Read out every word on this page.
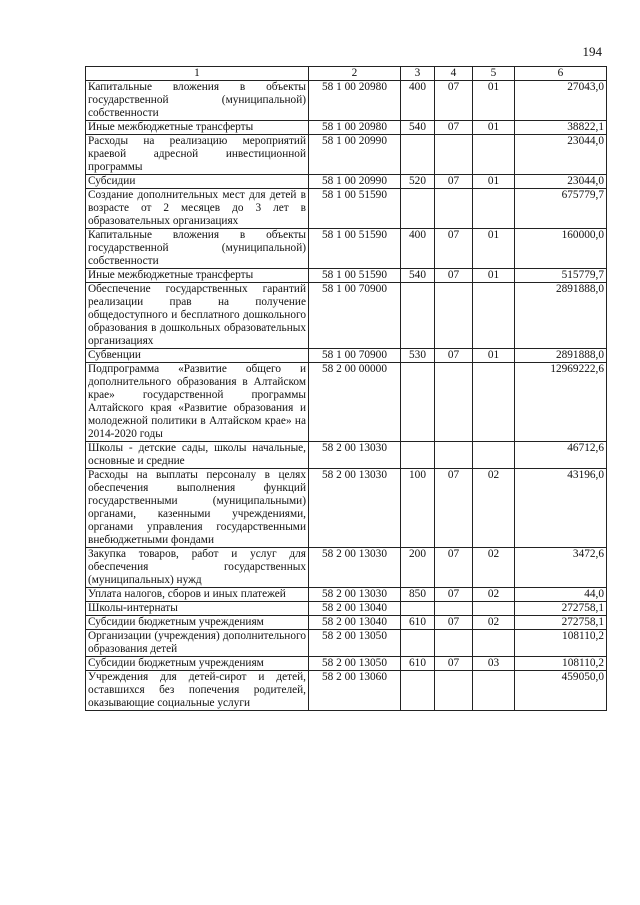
194
1	2	3	4	5	6
Капитальные вложения в объекты государственной (муниципальной) собственности	58 1 00 20980	400	07	01	27043,0
Иные межбюджетные трансферты	58 1 00 20980	540	07	01	38822,1
Расходы на реализацию мероприятий краевой адресной инвестиционной программы	58 1 00 20990				23044,0
Субсидии	58 1 00 20990	520	07	01	23044,0
Создание дополнительных мест для детей в возрасте от 2 месяцев до 3 лет в образовательных организациях	58 1 00 51590				675779,7
Капитальные вложения в объекты государственной (муниципальной) собственности	58 1 00 51590	400	07	01	160000,0
Иные межбюджетные трансферты	58 1 00 51590	540	07	01	515779,7
Обеспечение государственных гарантий реализации прав на получение общедоступного и бесплатного дошкольного образования в дошкольных образовательных организациях	58 1 00 70900				2891888,0
Субвенции	58 1 00 70900	530	07	01	2891888,0
Подпрограмма «Развитие общего и дополнительного образования в Алтайском крае» государственной программы Алтайского края «Развитие образования и молодежной политики в Алтайском крае» на 2014-2020 годы	58 2 00 00000				12969222,6
Школы - детские сады, школы начальные, основные и средние	58 2 00 13030				46712,6
Расходы на выплаты персоналу в целях обеспечения выполнения функций государственными (муниципальными) органами, казенными учреждениями, органами управления государственными внебюджетными фондами	58 2 00 13030	100	07	02	43196,0
Закупка товаров, работ и услуг для обеспечения государственных (муниципальных) нужд	58 2 00 13030	200	07	02	3472,6
Уплата налогов, сборов и иных платежей	58 2 00 13030	850	07	02	44,0
Школы-интернаты	58 2 00 13040				272758,1
Субсидии бюджетным учреждениям	58 2 00 13040	610	07	02	272758,1
Организации (учреждения) дополнительного образования детей	58 2 00 13050				108110,2
Субсидии бюджетным учреждениям	58 2 00 13050	610	07	03	108110,2
Учреждения для детей-сирот и детей, оставшихся без попечения родителей, оказывающие социальные услуги	58 2 00 13060				459050,0
